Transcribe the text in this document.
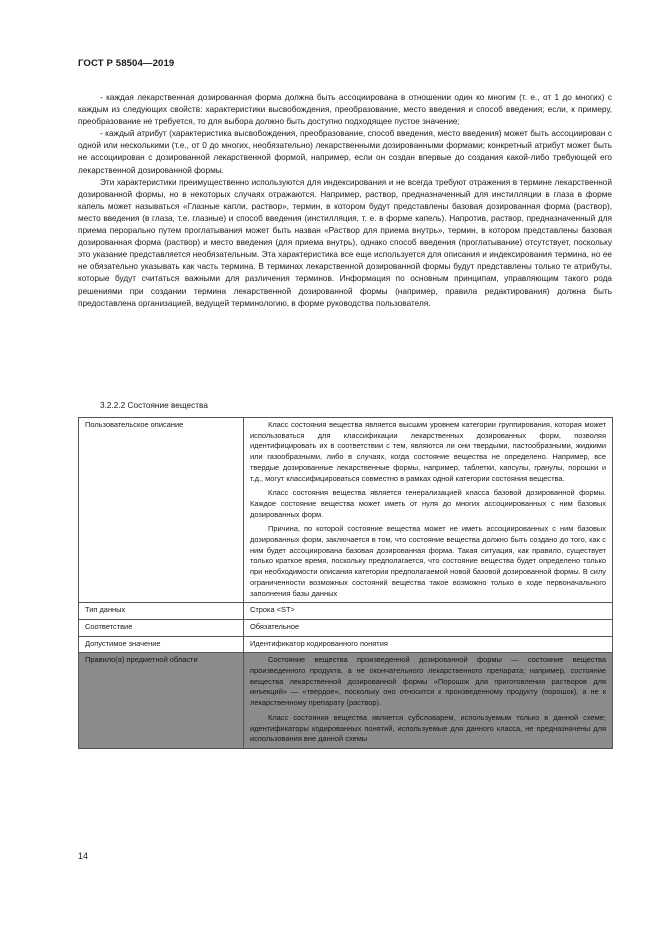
ГОСТ Р 58504—2019

- каждая лекарственная дозированная форма должна быть ассоциирована в отношении один ко многим (т. е., от 1 до многих) с каждым из следующих свойств: характеристики высвобождения, преобразование, место введения и способ введения; если, к примеру, преобразование не требуется, то для выбора должно быть доступно подходящее пустое значение;

- каждый атрибут (характеристика высвобождения, преобразование, способ введения, место введения) может быть ассоциирован с одной или несколькими (т.е., от 0 до многих, необязательно) лекарственными дозированными формами; конкретный атрибут может быть не ассоциирован с дозированной лекарственной формой, например, если он создан впервые до создания какой-либо требующей его лекарственной дозированной формы.

Эти характеристики преимущественно используются для индексирования и не всегда требуют отражения в термине лекарственной дозированной формы, но в некоторых случаях отражаются. Например, раствор, предназначенный для инстилляции в глаза в форме капель может называться «Глазные капли, раствор», термин, в котором будут представлены базовая дозированная форма (раствор), место введения (в глаза, т.е. глазные) и способ введения (инстилляция, т. е. в форме капель). Напротив, раствор, предназначенный для приема перорально путем проглатывания может быть назван «Раствор для приема внутрь», термин, в котором представлены базовая дозированная форма (раствор) и место введения (для приема внутрь), однако способ введения (проглатывание) отсутствует, поскольку это указание представляется необязательным. Эта характеристика все еще используется для описания и индексирования термина, но ее не обязательно указывать как часть термина. В терминах лекарственной дозированной формы будут представлены только те атрибуты, которые будут считаться важными для различения терминов. Информация по основным принципам, управляющим такого рода решениями при создании термина лекарственной дозированной формы (например, правила редактирования) должна быть предоставлена организацией, ведущей терминологию, в форме руководства пользователя.

3.2.2.2 Состояние вещества
Пользовательское описание	Класс состояния вещества является высшим уровнем категории группирования, которая может использоваться для классификации лекарственных дозированных форм, позволяя идентифицировать их в соответствии с тем, являются ли они твердыми, пастообразными, жидкими или газообразными, либо в случаях, когда состояние вещества не определено. Например, все твердые дозированные лекарственные формы, например, таблетки, капсулы, гранулы, порошки и т.д., могут классифицироваться совместно в рамках одной категории состояния вещества.

Класс состояния вещества является генерализацией класса базовой дозированной формы. Каждое состояние вещества может иметь от нуля до многих ассоциированных с ним базовых дозированных форм.

Причина, по которой состояние вещества может не иметь ассоциированных с ним базовых дозированных форм, заключается в том, что состояние вещества должно быть создано до того, как с ним будет ассоциирована базовая дозированная форма. Такая ситуация, как правило, существует только краткое время, поскольку предполагается, что состояние вещества будет определено только при необходимости описания категории предполагаемой новой базовой дозированной формы. В силу ограниченности возможных состояний вещества такое возможно только в ходе первоначального заполнения базы данных

Тип данных	Строка <ST>
Соответствие	Обязательное
Допустимое значение	Идентификатор кодированного понятия
Правило(а) предметной области	Состояние вещества произведенной дозированной формы — состояние вещества произведенного продукта, а не окончательного лекарственного препарата; например, состояние вещества лекарственной дозированной формы «Порошок для приготовления растворов для инъекций» — «твердое», поскольку оно относится к произведенному продукту (порошок), а не к лекарственному препарату (раствор).

Класс состояния вещества является субсловарем, используемым только в данной схеме; идентификаторы кодированных понятий, используемые для данного класса, не предназначены для использования вне данной схемы

14
